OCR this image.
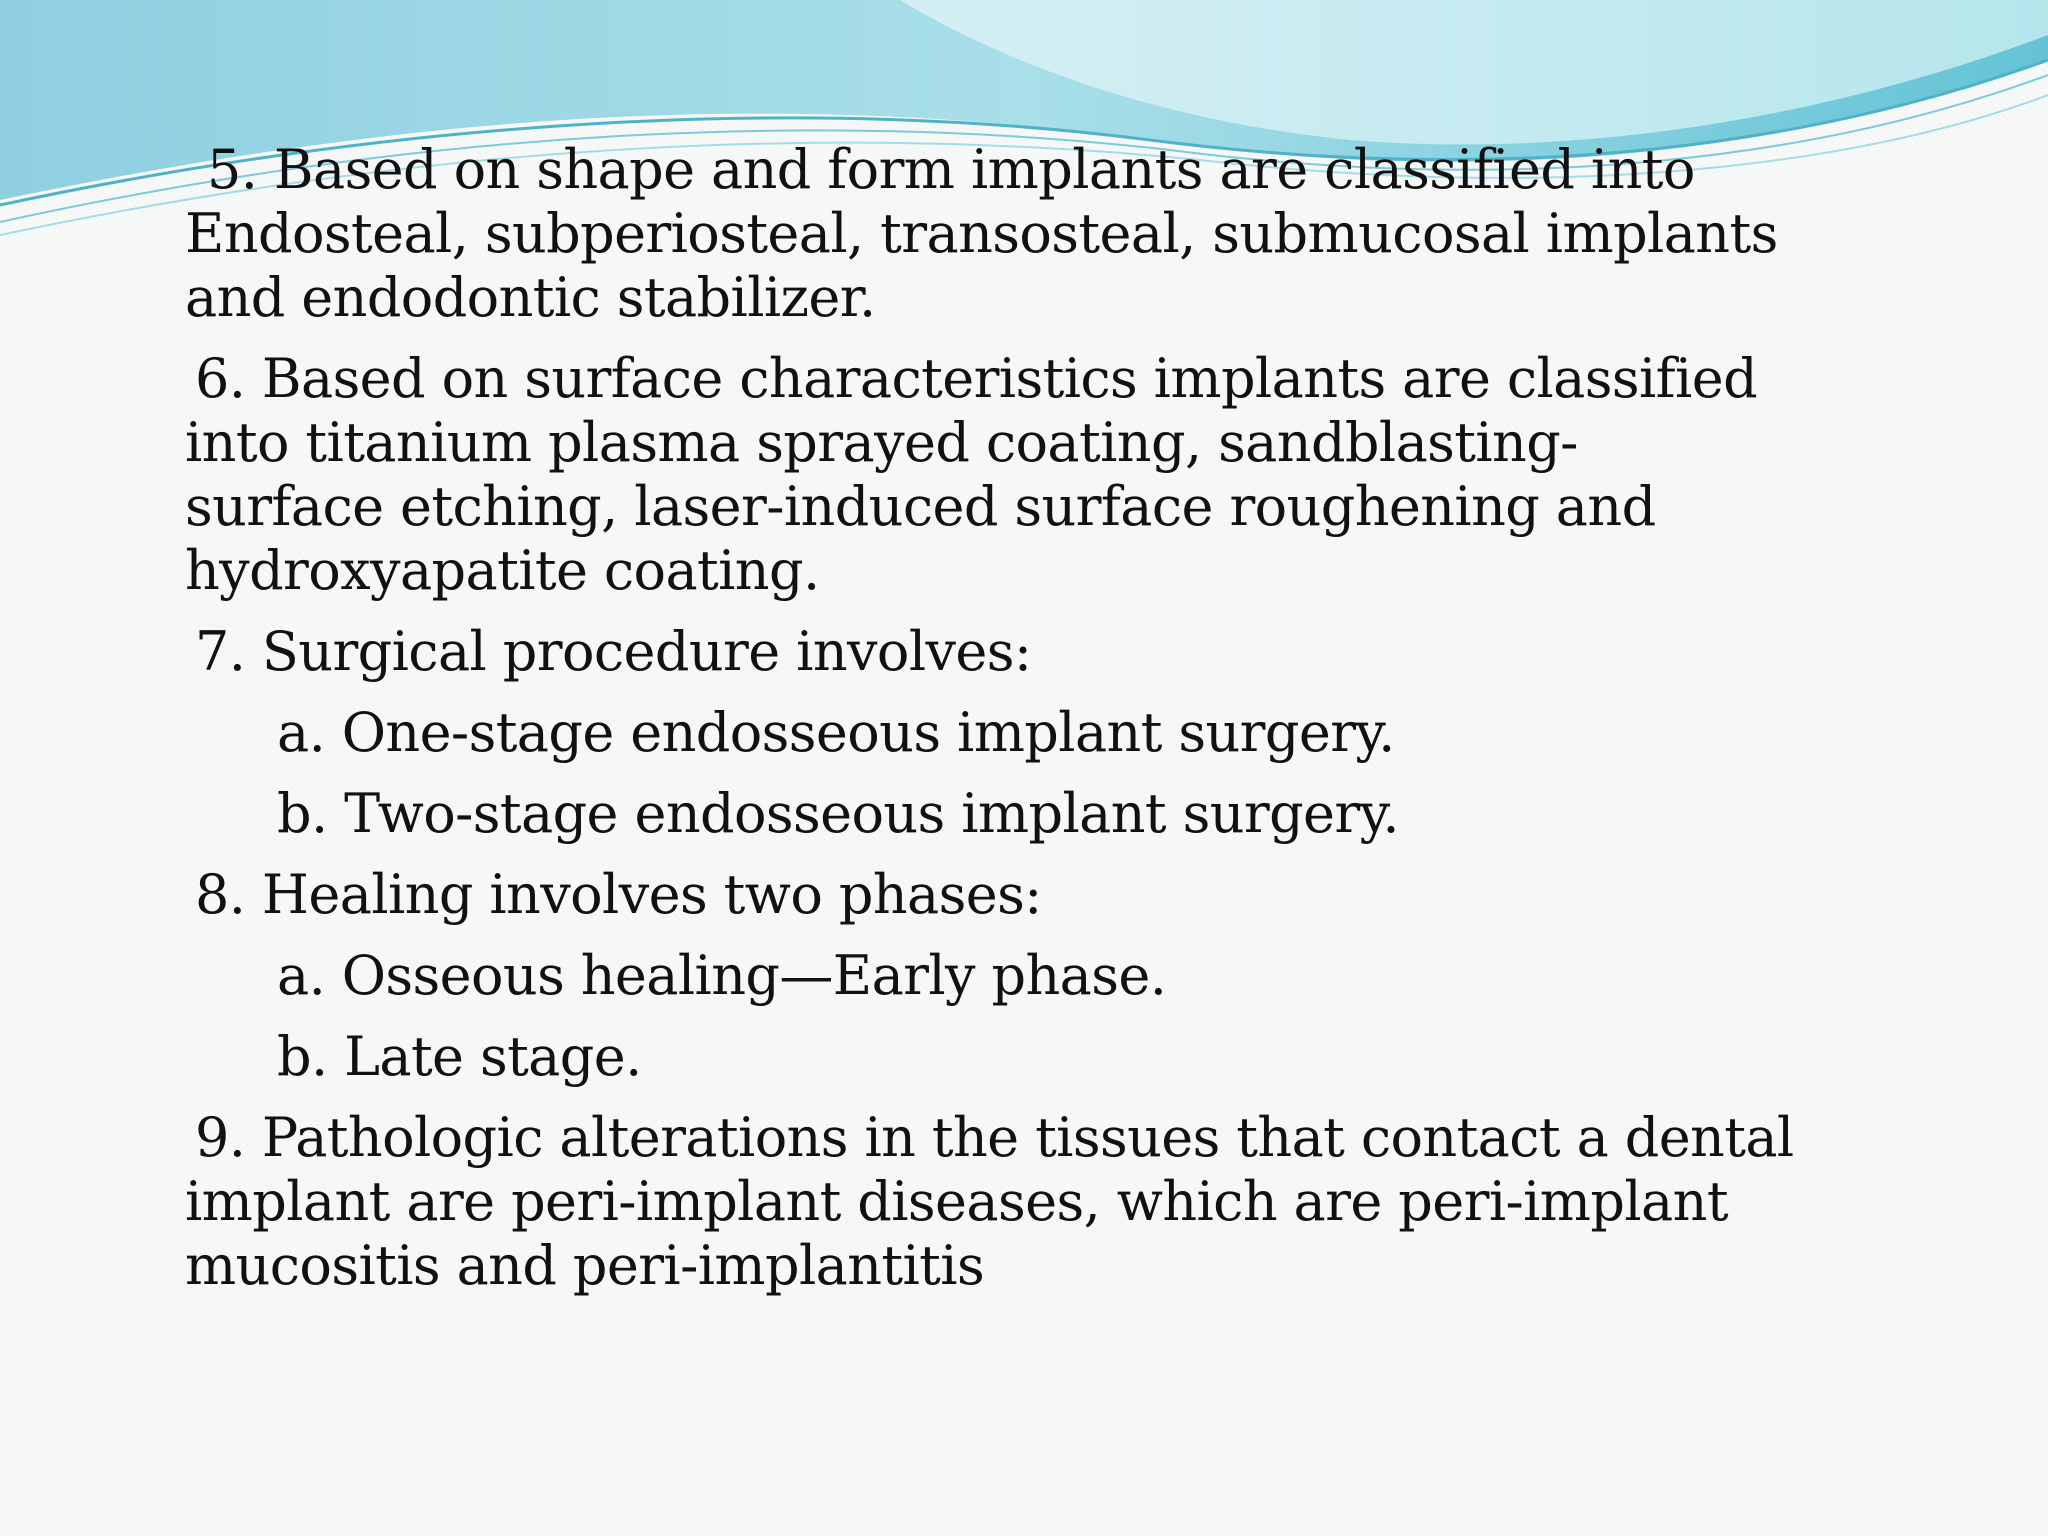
5. Based on shape and form implants are classified into
Endosteal, subperiosteal, transosteal, submucosal implants
and endodontic stabilizer.
6. Based on surface characteristics implants are classified
into titanium plasma sprayed coating, sandblasting-
surface etching, laser-induced surface roughening and
hydroxyapatite coating.
7. Surgical procedure involves:
a. One-stage endosseous implant surgery.
b. Two-stage endosseous implant surgery.
8. Healing involves two phases:
a. Osseous healing—Early phase.
b. Late stage.
9. Pathologic alterations in the tissues that contact a dental
implant are peri-implant diseases, which are peri-implant
mucositis and peri-implantitis
